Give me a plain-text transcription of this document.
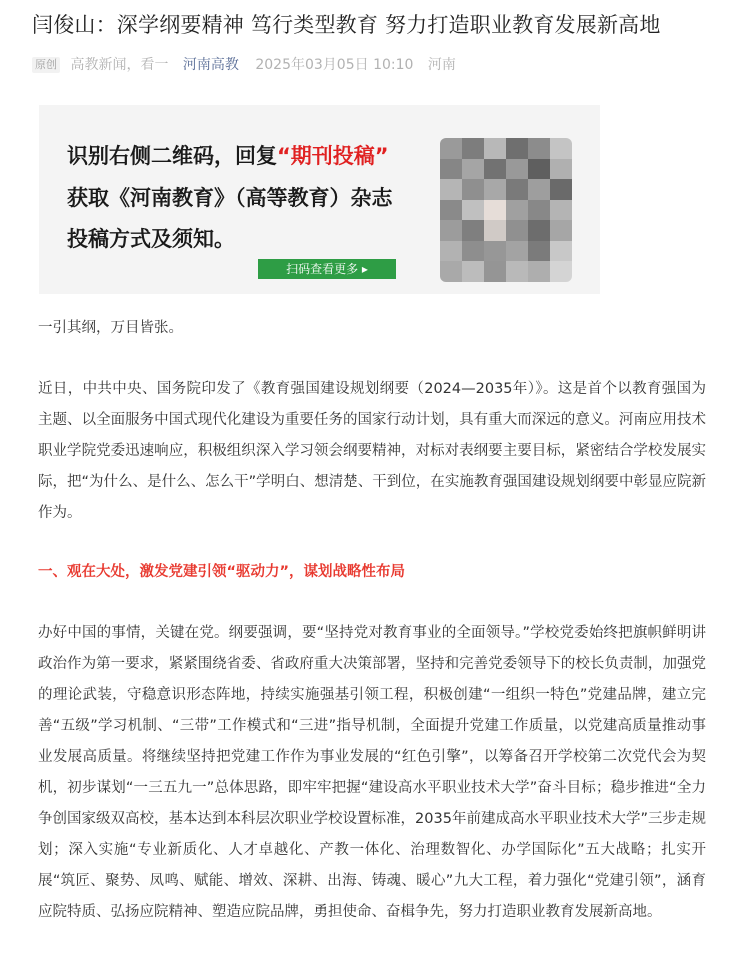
闫俊山：深学纲要精神 笃行类型教育 努力打造职业教育发展新高地
原创 高教新闻，看一 河南高教 2025年03月05日 10:10 河南
识别右侧二维码，回复“期刊投稿”
获取《河南教育》（高等教育）杂志
投稿方式及须知。
扫码查看更多 ▸
一引其纲，万目皆张。
近日，中共中央、国务院印发了《教育强国建设规划纲要（2024—2035年）》。这是首个以教育强国为主题、以全面服务中国式现代化建设为重要任务的国家行动计划，具有重大而深远的意义。河南应用技术职业学院党委迅速响应，积极组织深入学习领会纲要精神，对标对表纲要主要目标，紧密结合学校发展实际，把“为什么、是什么、怎么干”学明白、想清楚、干到位，在实施教育强国建设规划纲要中彰显应院新作为。
一、观在大处，激发党建引领“驱动力”，谋划战略性布局
办好中国的事情，关键在党。纲要强调，要“坚持党对教育事业的全面领导。”学校党委始终把旗帜鲜明讲政治作为第一要求，紧紧围绕省委、省政府重大决策部署，坚持和完善党委领导下的校长负责制，加强党的理论武装，守稳意识形态阵地，持续实施强基引领工程，积极创建“一组织一特色”党建品牌，建立完善“五级”学习机制、“三带”工作模式和“三进”指导机制，全面提升党建工作质量，以党建高质量推动事业发展高质量。将继续坚持把党建工作作为事业发展的“红色引擎”，以筹备召开学校第二次党代会为契机，初步谋划“一三五九一”总体思路，即牢牢把握“建设高水平职业技术大学”奋斗目标；稳步推进“全力争创国家级双高校，基本达到本科层次职业学校设置标准，2035年前建成高水平职业技术大学”三步走规划；深入实施“专业新质化、人才卓越化、产教一体化、治理数智化、办学国际化”五大战略；扎实开展“筑匠、聚势、凤鸣、赋能、增效、深耕、出海、铸魂、暖心”九大工程，着力强化“党建引领”，涵育应院特质、弘扬应院精神、塑造应院品牌，勇担使命、奋楫争先，努力打造职业教育发展新高地。
